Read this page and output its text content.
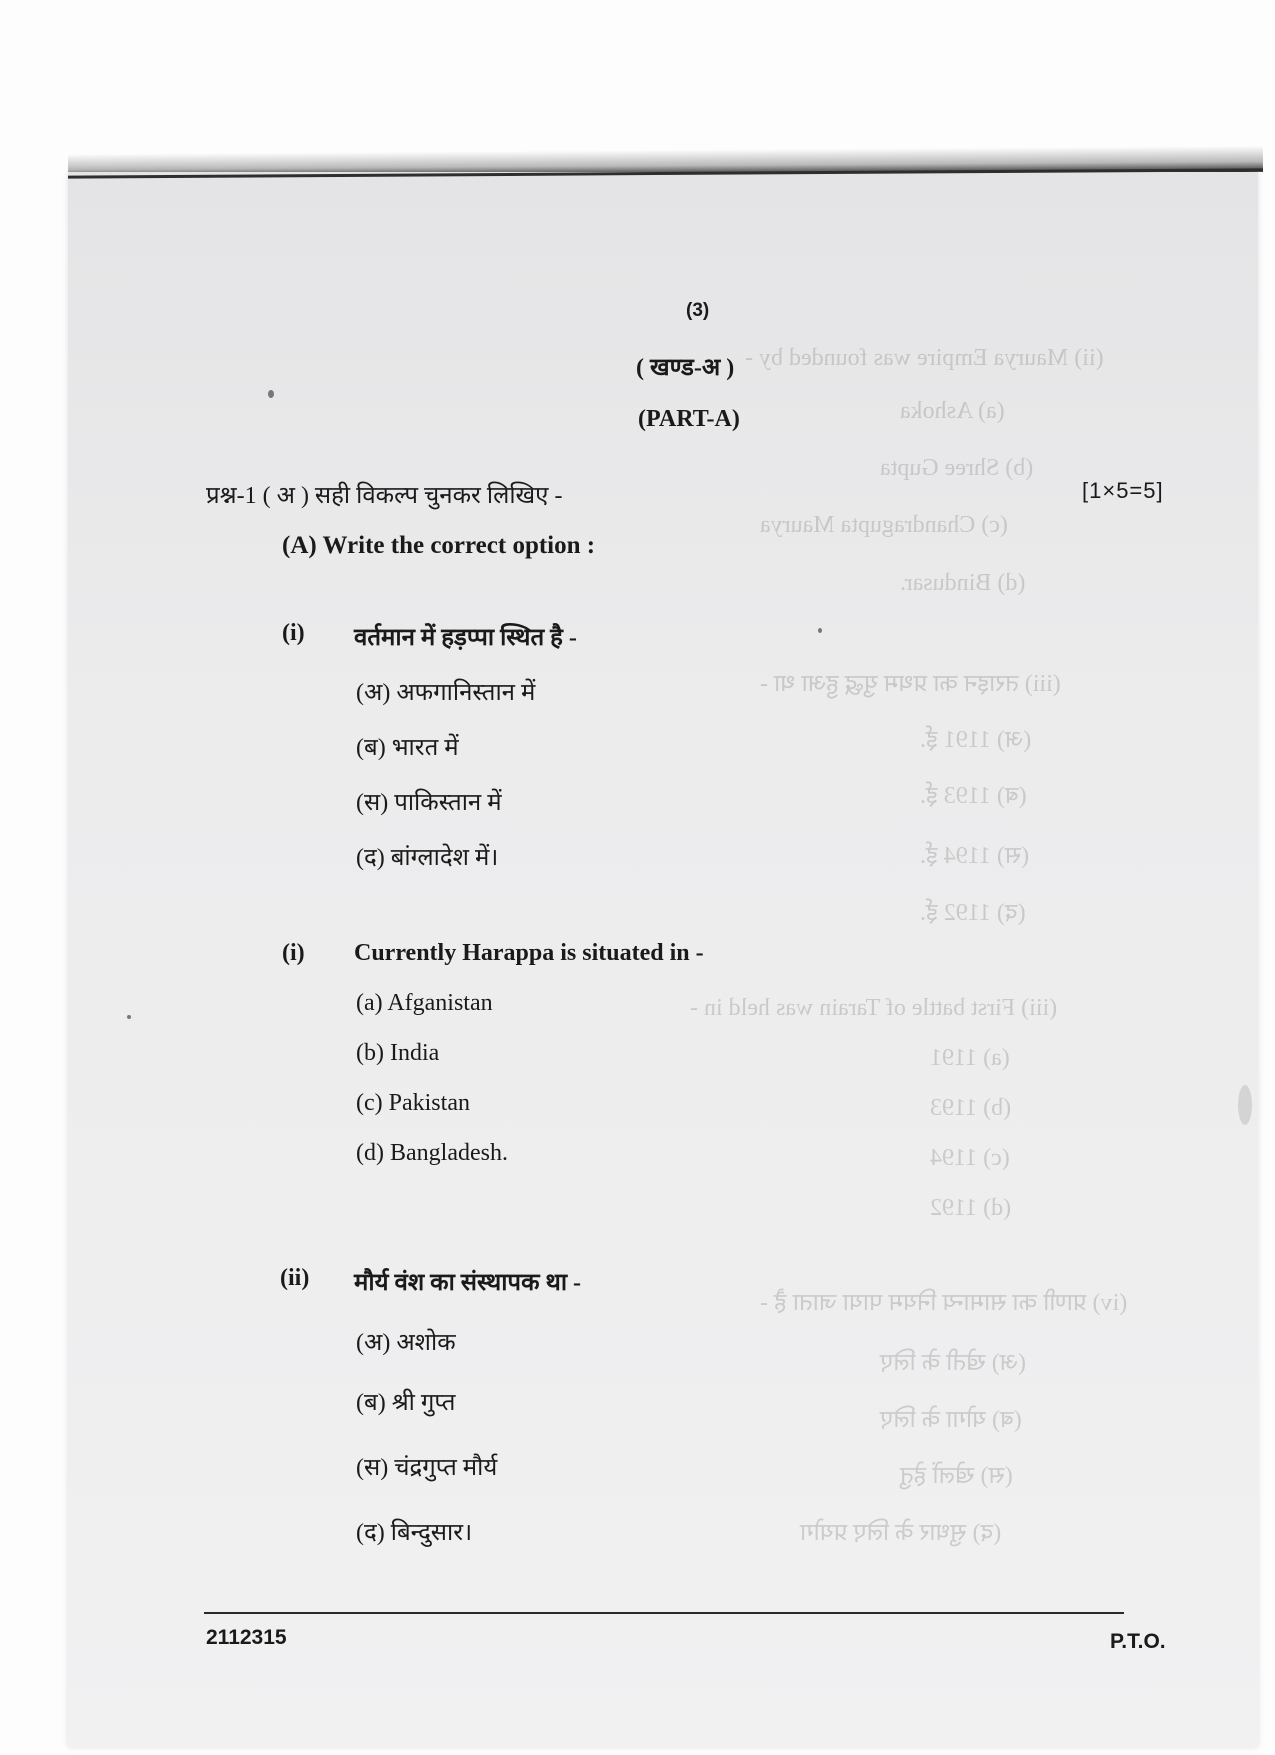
(ii) Maurya Empire was founded by -
(a) Ashoka
(b) Shree Gupta
(c) Chandragupta Maurya
(d) Bindusar.
(iii) तराइन का प्रथम युद्ध हुआ था -
(अ) 1191 ई.
(ब) 1193 ई.
(स) 1194 ई.
(द) 1192 ई.
(iii) First battle of Tarain was held in -
(a) 1191
(b) 1193
(c) 1194
(d) 1192
(iv) प्राणी का सामान्य नियम पाया जाता है -
(अ) खेती के लिए
(ब) योगा के लिए
(स) खेलों हेतु
(द) सुधार के लिए प्रयोग
(3)
( खण्ड-अ )
(PART-A)
प्रश्न-1 ( अ ) सही विकल्प चुनकर लिखिए -	[1×5=5]
(A) Write the correct option :
(i) वर्तमान में हड़प्पा स्थित है -
(अ) अफगानिस्तान में
(ब) भारत में
(स) पाकिस्तान में
(द) बांग्लादेश में।
(i) Currently Harappa is situated in -
(a) Afganistan
(b) India
(c) Pakistan
(d) Bangladesh.
(ii) मौर्य वंश का संस्थापक था -
(अ) अशोक
(ब) श्री गुप्त
(स) चंद्रगुप्त मौर्य
(द) बिन्दुसार।
2112315	P.T.O.
